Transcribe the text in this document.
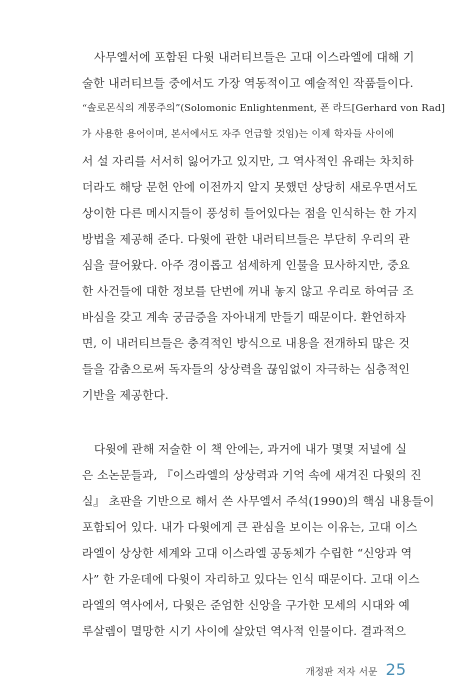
사무엘서에 포함된 다윗 내러티브들은 고대 이스라엘에 대해 기
술한 내러티브들 중에서도 가장 역동적이고 예술적인 작품들이다.
“솔로몬식의 계몽주의”(Solomonic Enlightenment, 폰 라드[Gerhard von Rad]
가 사용한 용어이며, 본서에서도 자주 언급할 것임)는 이제 학자들 사이에
서 설 자리를 서서히 잃어가고 있지만, 그 역사적인 유래는 차치하
더라도 해당 문헌 안에 이전까지 알지 못했던 상당히 새로우면서도
상이한 다른 메시지들이 풍성히 들어있다는 점을 인식하는 한 가지
방법을 제공해 준다. 다윗에 관한 내러티브들은 부단히 우리의 관
심을 끌어왔다. 아주 경이롭고 섬세하게 인물을 묘사하지만, 중요
한 사건들에 대한 정보를 단번에 꺼내 놓지 않고 우리로 하여금 조
바심을 갖고 계속 궁금증을 자아내게 만들기 때문이다. 환언하자
면, 이 내러티브들은 충격적인 방식으로 내용을 전개하되 많은 것
들을 감춤으로써 독자들의 상상력을 끊임없이 자극하는 심층적인
기반을 제공한다.
다윗에 관해 저술한 이 책 안에는, 과거에 내가 몇몇 저널에 실
은 소논문들과, 『이스라엘의 상상력과 기억 속에 새겨진 다윗의 진
실』 초판을 기반으로 해서 쓴 사무엘서 주석(1990)의 핵심 내용들이
포함되어 있다. 내가 다윗에게 큰 관심을 보이는 이유는, 고대 이스
라엘이 상상한 세계와 고대 이스라엘 공동체가 수립한 “신앙과 역
사” 한 가운데에 다윗이 자리하고 있다는 인식 때문이다. 고대 이스
라엘의 역사에서, 다윗은 준엄한 신앙을 구가한 모세의 시대와 예
루살렘이 멸망한 시기 사이에 살았던 역사적 인물이다. 결과적으
개정판 저자 서문 25
